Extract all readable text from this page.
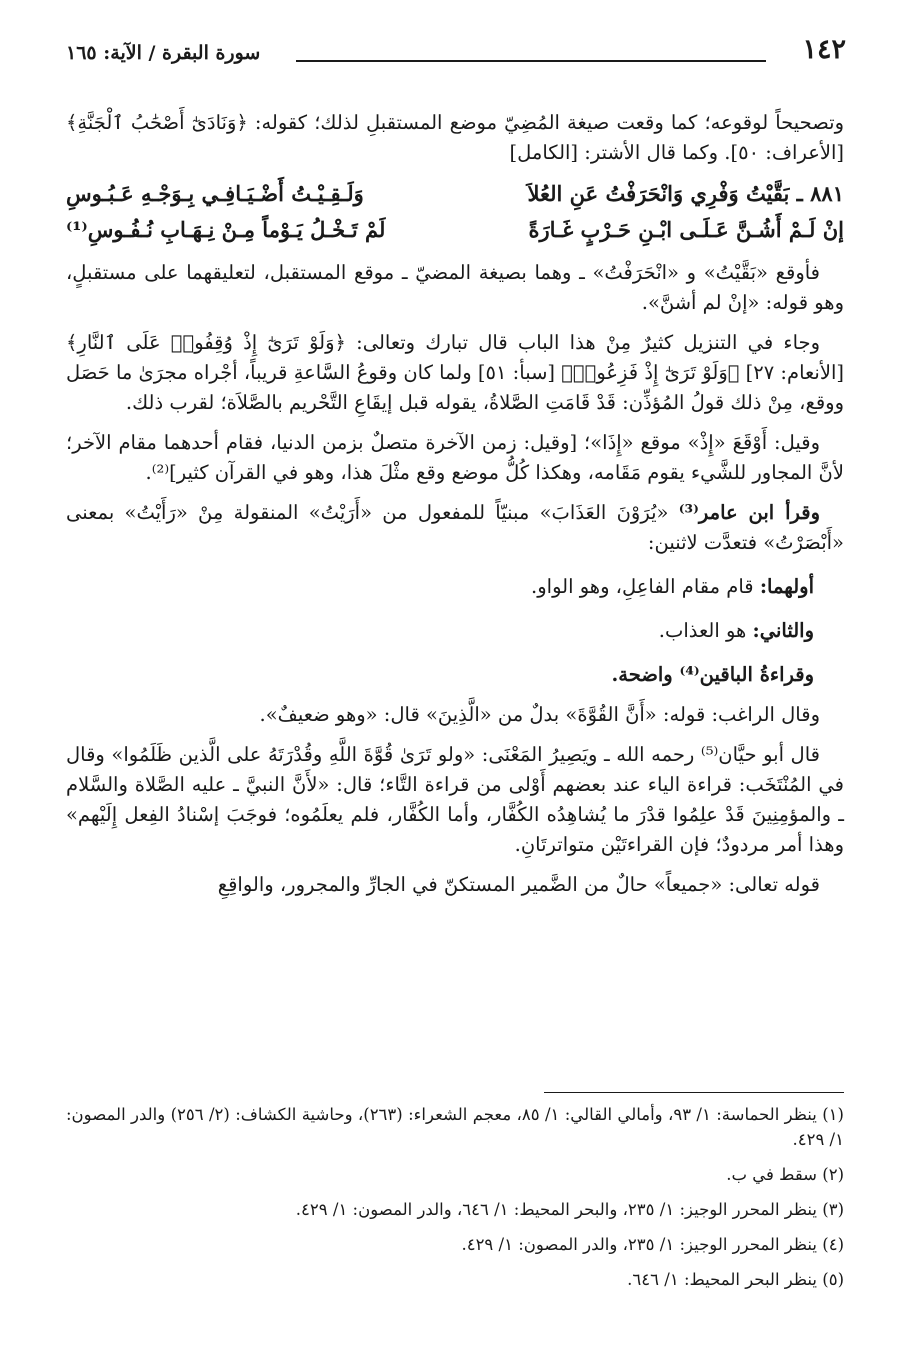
١٤٢
سورة البقرة / الآية: ١٦٥

وتصحيحاً لوقوعه؛ كما وقعت صيغة المُضِيّ موضع المستقبلِ لذلك؛ كقوله: ﴿وَنَادَىٰٓ أَصْحَٰبُ ٱلْجَنَّةِ﴾ [الأعراف: ٥٠]. وكما قال الأشتر: [الكامل]

٨٨١ ـ بَقَّيْتُ وَفْرِي وَانْحَرَفْتُ عَنِ العُلاَ
وَلَـقِـيْـتُ أَضْـيَـافِـي بِـوَجْـهِ عَـبُـوسِ
إنْ لَـمْ أَشُـنَّ عَـلَـى ابْـنِ حَـرْبٍ غَـارَةً
لَمْ تَـخْـلُ يَـوْماً مِـنْ نِـهَـابِ نُـفُـوسِ⁽¹⁾

فأوقع «بَقَّيْتُ» و «انْحَرَفْتُ» ـ وهما بصيغة المضيّ ـ موقع المستقبل، لتعليقهما على مستقبلٍ، وهو قوله: «إنْ لم أشنَّ».

وجاء في التنزيل كثيرٌ مِنْ هذا الباب قال تبارك وتعالى: ﴿وَلَوْ تَرَىٰٓ إِذْ وُقِفُوا۟ عَلَى ٱلنَّارِ﴾ [الأنعام: ٢٧] ﴿وَلَوْ تَرَىٰٓ إِذْ فَزِعُوا۟﴾ [سبأ: ٥١] ولما كان وقوعُ السَّاعةِ قريباً، أجْراه مجرَىٰ ما حَصَل ووقع، مِنْ ذلك قولُ المُؤذِّن: قَدْ قَامَتِ الصَّلاةُ، يقوله قبل إيقَاعِ التَّحْريم بالصَّلاَة؛ لقرب ذلك.

وقيل: أَوْقَعَ «إِذْ» موقع «إِذَا»؛ [وقيل: زمن الآخرة متصلٌ بزمن الدنيا، فقام أحدهما مقام الآخر؛ لأنَّ المجاور للشَّيء يقوم مَقَامه، وهكذا كُلُّ موضع وقع مثْلَ هذا، وهو في القرآن كثير]⁽²⁾.

وقرأ ابن عامر⁽³⁾ «يُرَوْنَ العَذَابَ» مبنيّاً للمفعول من «أَرَيْتُ» المنقولة مِنْ «رَأَيْتُ» بمعنى «أَبْصَرْتُ» فتعدَّت لاثنين:

أولهما: قام مقام الفاعِلِ، وهو الواو.
والثاني: هو العذاب.
وقراءةُ الباقين⁽⁴⁾ واضحة.

وقال الراغب: قوله: «أَنَّ القُوَّةَ» بدلٌ من «الَّذِينَ» قال: «وهو ضعيفٌ».

قال أبو حيَّان⁽⁵⁾ رحمه الله ـ ويَصِيرُ المَعْنَى: «ولو تَرَىٰ قُوَّةَ اللَّهِ وقُدْرَتَهُ على الَّذين ظَلَمُوا» وقال في المُنْتَخَب: قراءة الياء عند بعضهم أَوْلى من قراءة التَّاء؛ قال: «لأَنَّ النبيَّ ـ عليه الصَّلاة والسَّلام ـ والمؤمِنِينَ قَدْ علِمُوا قدْرَ ما يُشاهِدُه الكُفَّار، وأما الكُفَّار، فلم يعلَمُوه؛ فوجَبَ إسْنادُ الفِعل إِلَيْهم» وهذا أمر مردودٌ؛ فإن القراءتَيْن متواترتَانِ.

قوله تعالى: «جميعاً» حالٌ من الضَّمير المستكنّ في الجارِّ والمجرور، والواقِعِ

(١) ينظر الحماسة: ١/ ٩٣، وأمالي القالي: ١/ ٨٥، معجم الشعراء: (٢٦٣)، وحاشية الكشاف: (٢/ ٢٥٦) والدر المصون: ١/ ٤٢٩.

(٢) سقط في ب.

(٣) ينظر المحرر الوجيز: ١/ ٢٣٥، والبحر المحيط: ١/ ٦٤٦، والدر المصون: ١/ ٤٢٩.

(٤) ينظر المحرر الوجيز: ١/ ٢٣٥، والدر المصون: ١/ ٤٢٩.

(٥) ينظر البحر المحيط: ١/ ٦٤٦.
